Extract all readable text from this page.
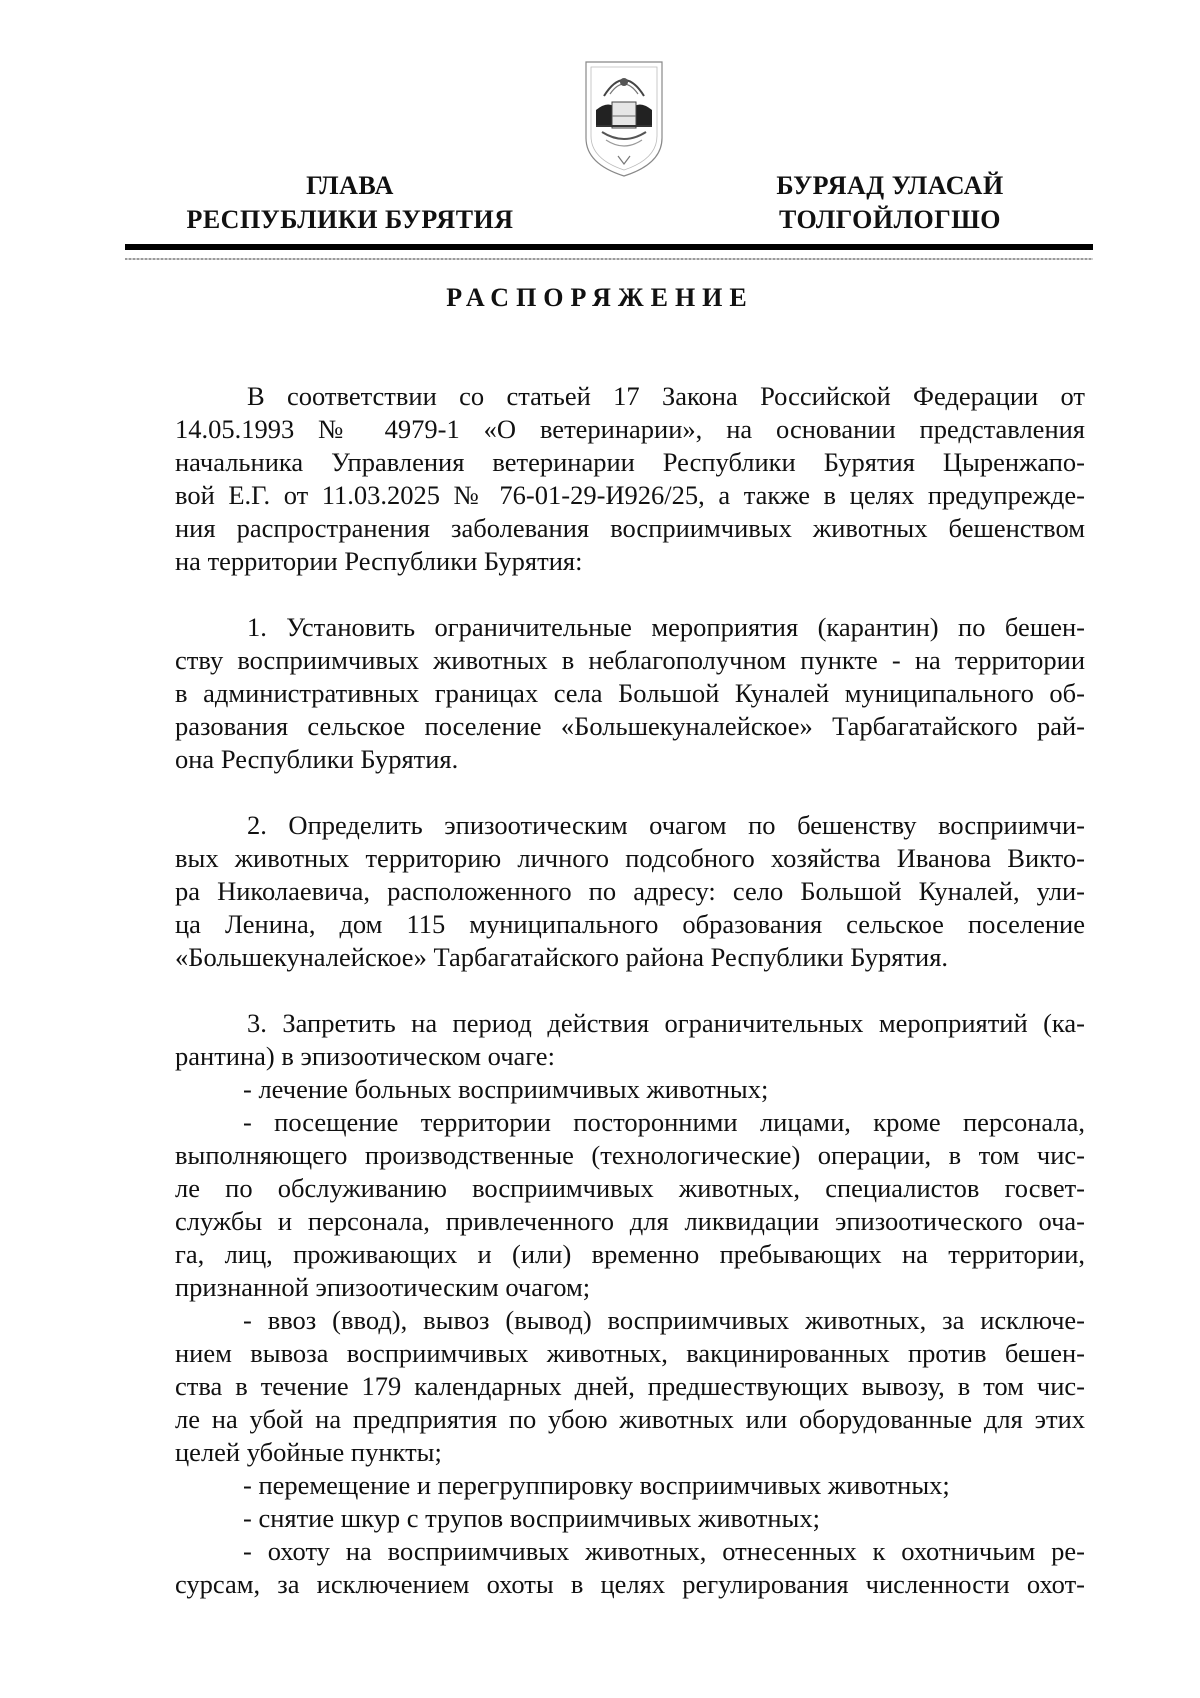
ГЛАВА
РЕСПУБЛИКИ БУРЯТИЯ
БУРЯАД УЛАСАЙ
ТОЛГОЙЛОГШО
РАСПОРЯЖЕНИЕ

В соответствии со статьей 17 Закона Российской Федерации от
14.05.1993 № 4979-1 «О ветеринарии», на основании представления
начальника Управления ветеринарии Республики Бурятия Цыренжапо-
вой Е.Г. от 11.03.2025 № 76-01-29-И926/25, а также в целях предупрежде-
ния распространения заболевания восприимчивых животных бешенством
на территории Республики Бурятия:

1. Установить ограничительные мероприятия (карантин) по бешен-
ству восприимчивых животных в неблагополучном пункте - на территории
в административных границах села Большой Куналей муниципального об-
разования сельское поселение «Большекуналейское» Тарбагатайского рай-
она Республики Бурятия.

2. Определить эпизоотическим очагом по бешенству восприимчи-
вых животных территорию личного подсобного хозяйства Иванова Викто-
ра Николаевича, расположенного по адресу: село Большой Куналей, ули-
ца Ленина, дом 115 муниципального образования сельское поселение
«Большекуналейское» Тарбагатайского района Республики Бурятия.

3. Запретить на период действия ограничительных мероприятий (ка-
рантина) в эпизоотическом очаге:

- лечение больных восприимчивых животных;

- посещение территории посторонними лицами, кроме персонала,
выполняющего производственные (технологические) операции, в том чис-
ле по обслуживанию восприимчивых животных, специалистов госвет-
службы и персонала, привлеченного для ликвидации эпизоотического оча-
га, лиц, проживающих и (или) временно пребывающих на территории,
признанной эпизоотическим очагом;

- ввоз (ввод), вывоз (вывод) восприимчивых животных, за исключе-
нием вывоза восприимчивых животных, вакцинированных против бешен-
ства в течение 179 календарных дней, предшествующих вывозу, в том чис-
ле на убой на предприятия по убою животных или оборудованные для этих
целей убойные пункты;

- перемещение и перегруппировку восприимчивых животных;

- снятие шкур с трупов восприимчивых животных;

- охоту на восприимчивых животных, отнесенных к охотничьим ре-
сурсам, за исключением охоты в целях регулирования численности охот-
